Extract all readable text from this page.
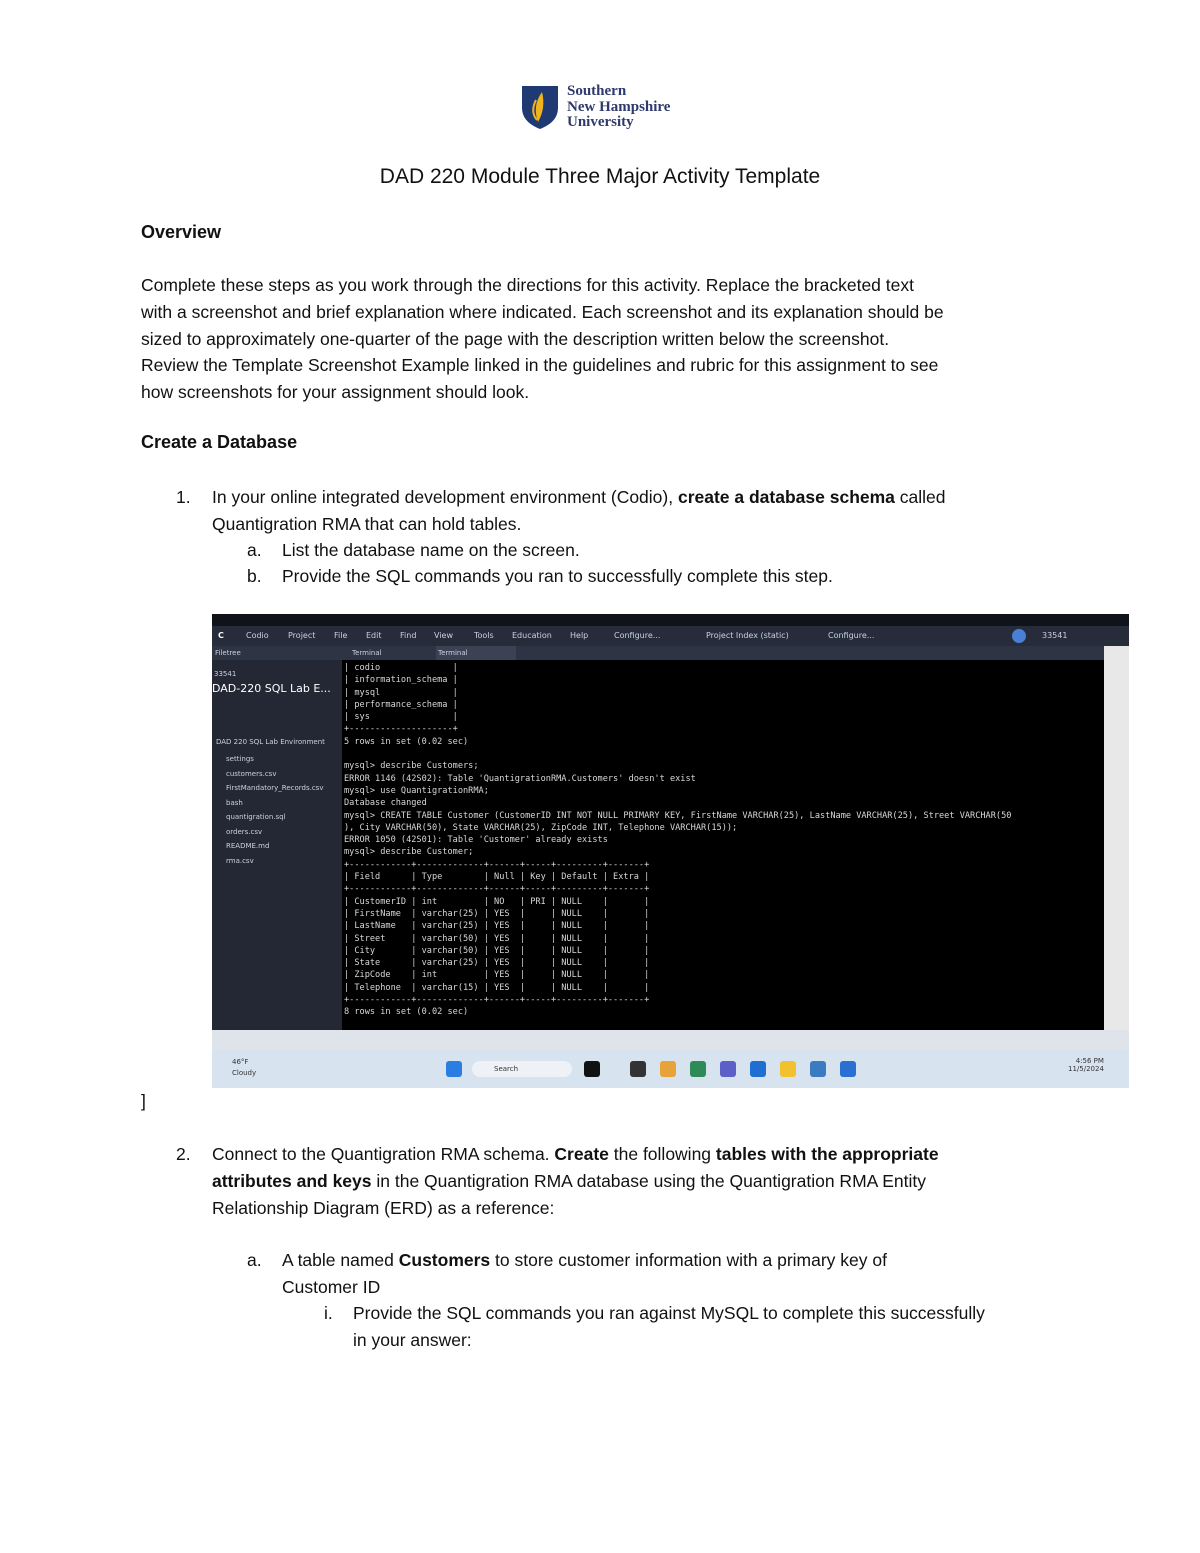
Southern
New Hampshire
University
DAD 220 Module Three Major Activity Template
Overview
Complete these steps as you work through the directions for this activity. Replace the bracketed text
with a screenshot and brief explanation where indicated. Each screenshot and its explanation should be
sized to approximately one-quarter of the page with the description written below the screenshot.
Review the Template Screenshot Example linked in the guidelines and rubric for this assignment to see
how screenshots for your assignment should look.
Create a Database
1. In your online integrated development environment (Codio), create a database schema called
Quantigration RMA that can hold tables.
a. List the database name on the screen.
b. Provide the SQL commands you ran to successfully complete this step.
C	Codio Project File Edit Find View	Tools Education Help	Configure...	Project Index (static)	Configure...	33541
Filetree
33541
DAD-220 SQL Lab E...
DAD 220 SQL Lab Environment
settings
customers.csv
FirstMandatory_Records.csv
bash
quantigration.sql
orders.csv
README.md
rma.csv
Terminal	Terminal
| codio              |
| information_schema |
| mysql              |
| performance_schema |
| sys                |
+--------------------+
5 rows in set (0.02 sec)

mysql> describe Customers;
ERROR 1146 (42S02): Table 'QuantigrationRMA.Customers' doesn't exist
mysql> use QuantigrationRMA;
Database changed
mysql> CREATE TABLE Customer (CustomerID INT NOT NULL PRIMARY KEY, FirstName VARCHAR(25), LastName VARCHAR(25), Street VARCHAR(50
), City VARCHAR(50), State VARCHAR(25), ZipCode INT, Telephone VARCHAR(15));
ERROR 1050 (42S01): Table 'Customer' already exists
mysql> describe Customer;
+------------+-------------+------+-----+---------+-------+
| Field      | Type        | Null | Key | Default | Extra |
+------------+-------------+------+-----+---------+-------+
| CustomerID | int         | NO   | PRI | NULL    |       |
| FirstName  | varchar(25) | YES  |     | NULL    |       |
| LastName   | varchar(25) | YES  |     | NULL    |       |
| Street     | varchar(50) | YES  |     | NULL    |       |
| City       | varchar(50) | YES  |     | NULL    |       |
| State      | varchar(25) | YES  |     | NULL    |       |
| ZipCode    | int         | YES  |     | NULL    |       |
| Telephone  | varchar(15) | YES  |     | NULL    |       |
+------------+-------------+------+-----+---------+-------+
8 rows in set (0.02 sec)

46°F
Cloudy	Search
4:56 PM
11/5/2024
]
2. Connect to the Quantigration RMA schema. Create the following tables with the appropriate
attributes and keys in the Quantigration RMA database using the Quantigration RMA Entity
Relationship Diagram (ERD) as a reference:
a. A table named Customers to store customer information with a primary key of
Customer ID
i. Provide the SQL commands you ran against MySQL to complete this successfully
in your answer:
